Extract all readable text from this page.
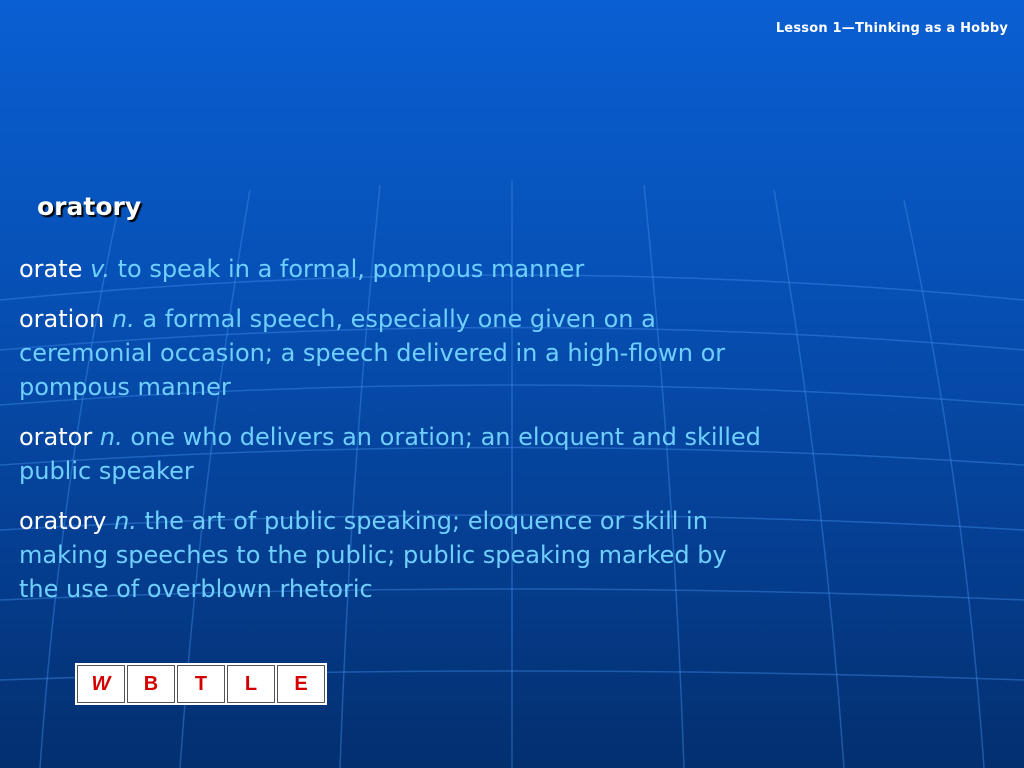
Lesson 1—Thinking as a Hobby
oratory
orate v. to speak in a formal, pompous manner
oration n. a formal speech, especially one given on a ceremonial occasion; a speech delivered in a high-flown or pompous manner
orator n. one who delivers an oration; an eloquent and skilled public speaker
oratory n. the art of public speaking; eloquence or skill in making speeches to the public; public speaking marked by the use of overblown rhetoric
W	B	T	L	E
